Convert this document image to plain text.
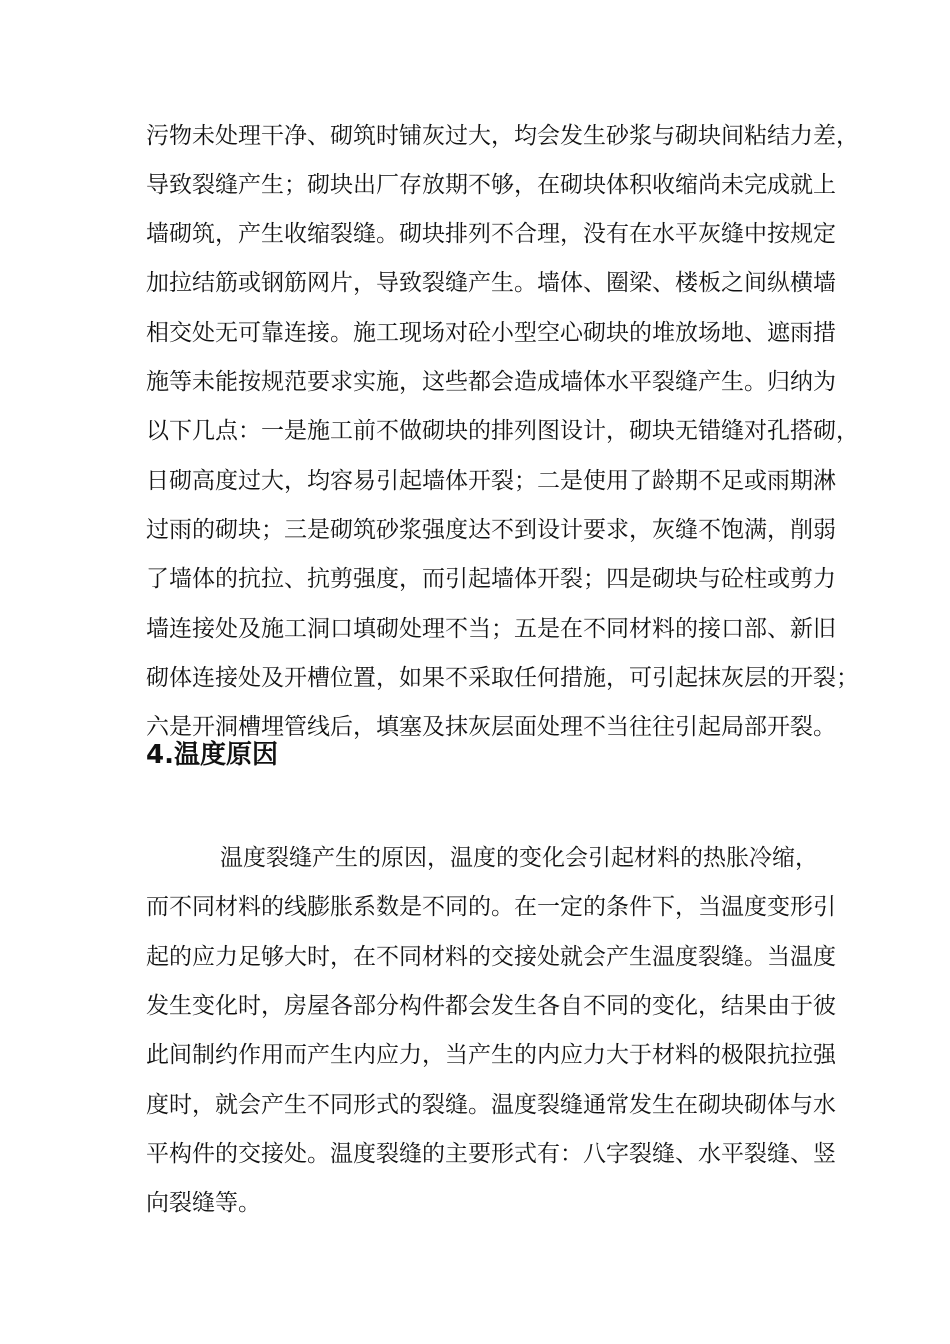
污物未处理干净、砌筑时铺灰过大，均会发生砂浆与砌块间粘结力差，
导致裂缝产生；砌块出厂存放期不够，在砌块体积收缩尚未完成就上
墙砌筑，产生收缩裂缝。砌块排列不合理，没有在水平灰缝中按规定
加拉结筋或钢筋网片，导致裂缝产生。墙体、圈梁、楼板之间纵横墙
相交处无可靠连接。施工现场对砼小型空心砌块的堆放场地、遮雨措
施等未能按规范要求实施，这些都会造成墙体水平裂缝产生。归纳为
以下几点：一是施工前不做砌块的排列图设计，砌块无错缝对孔搭砌，
日砌高度过大，均容易引起墙体开裂；二是使用了龄期不足或雨期淋
过雨的砌块；三是砌筑砂浆强度达不到设计要求，灰缝不饱满，削弱
了墙体的抗拉、抗剪强度，而引起墙体开裂；四是砌块与砼柱或剪力
墙连接处及施工洞口填砌处理不当；五是在不同材料的接口部、新旧
砌体连接处及开槽位置，如果不采取任何措施，可引起抹灰层的开裂；
六是开洞槽埋管线后，填塞及抹灰层面处理不当往往引起局部开裂。
4.温度原因
温度裂缝产生的原因，温度的变化会引起材料的热胀冷缩，
而不同材料的线膨胀系数是不同的。在一定的条件下，当温度变形引
起的应力足够大时，在不同材料的交接处就会产生温度裂缝。当温度
发生变化时，房屋各部分构件都会发生各自不同的变化，结果由于彼
此间制约作用而产生内应力，当产生的内应力大于材料的极限抗拉强
度时，就会产生不同形式的裂缝。温度裂缝通常发生在砌块砌体与水
平构件的交接处。温度裂缝的主要形式有：八字裂缝、水平裂缝、竖
向裂缝等。
